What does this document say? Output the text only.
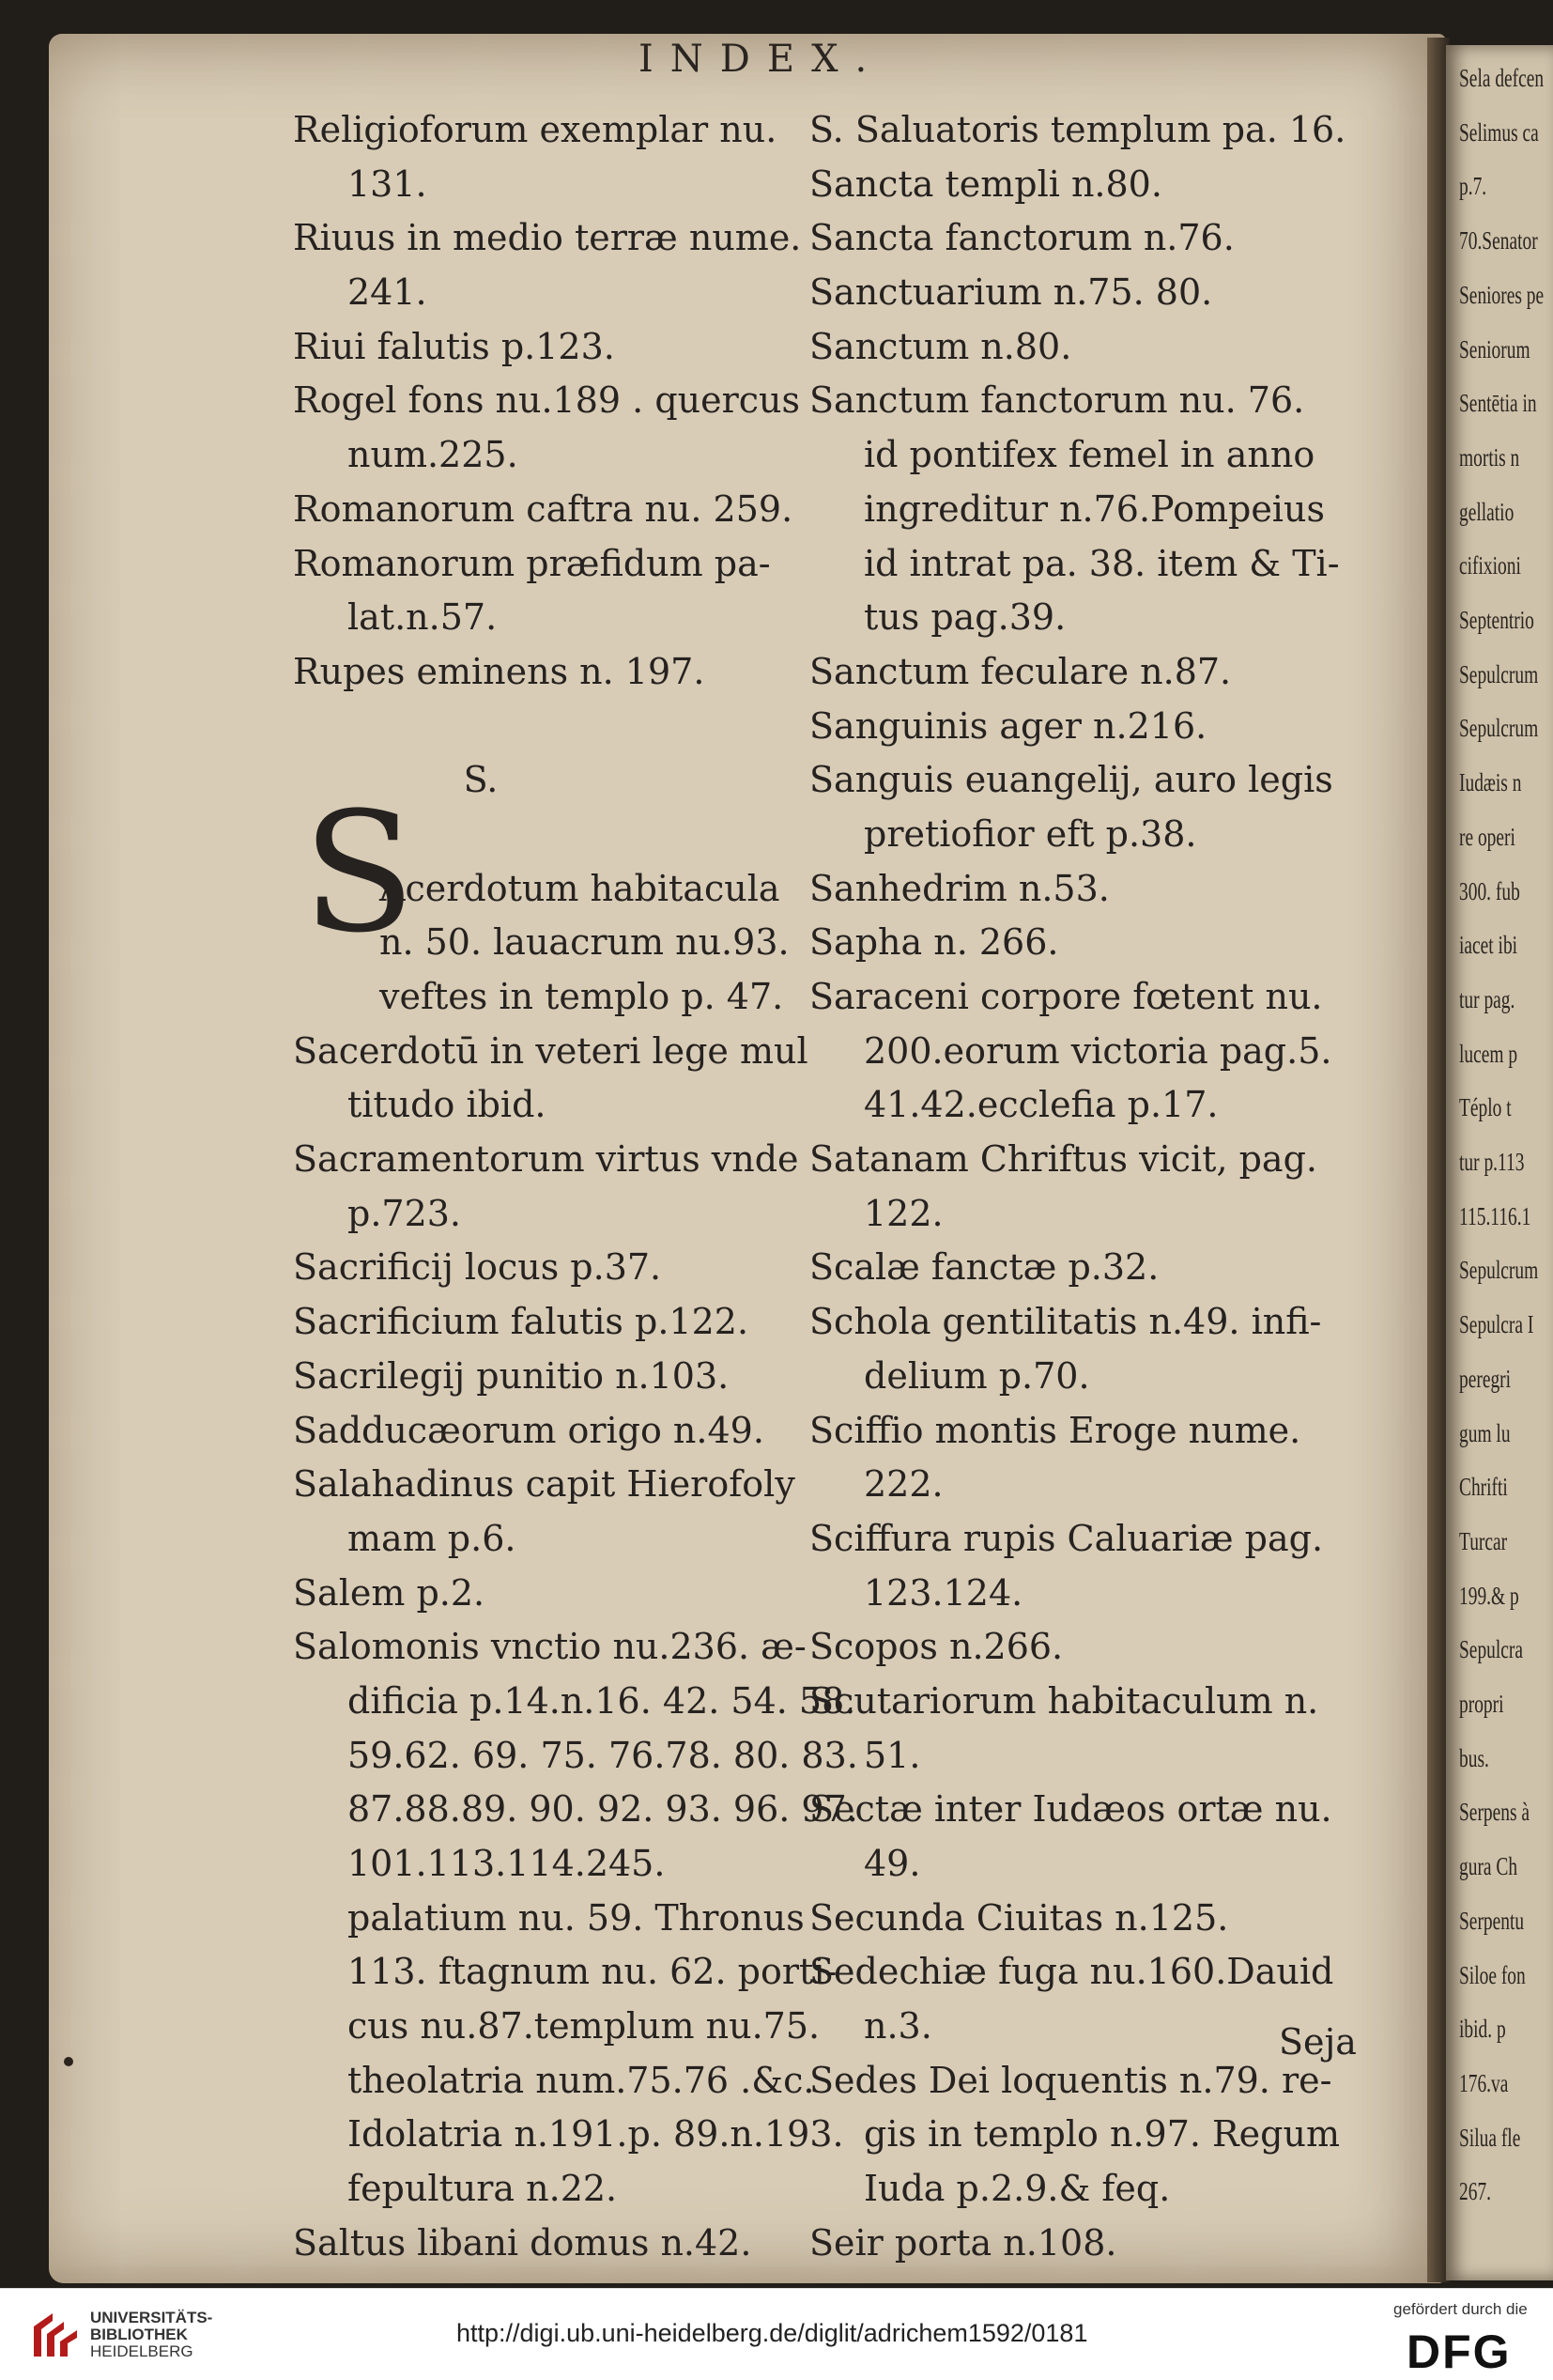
Sela defcen
Selimus ca
p.7.
70.Senator
Seniores pe
Seniorum
Sentētia in
mortis n
gellatio
cifixioni
Septentrio
Sepulcrum
Sepulcrum
Iudæis n
re operi
300. fub
iacet ibi
tur pag.
lucem p
Téplo t
tur p.113
115.116.1
Sepulcrum
Sepulcra I
peregri
gum lu
Chrifti
Turcar
199.& p
Sepulcra
propri
bus.
Serpens à
gura Ch
Serpentu
Siloe fon
ibid. p
176.va
Silua fle
267.
INDEX.
Religioforum exemplar nu.
131.
Riuus in medio terræ nume.
241.
Riui falutis p.123.
Rogel fons nu.189 . quercus
num.225.
Romanorum caftra nu. 259.
Romanorum præfidum pa-
lat.n.57.
Rupes eminens n. 197.
S.
Acerdotum habitacula
n. 50. lauacrum nu.93.
veftes in templo p. 47.
Sacerdotū in veteri lege mul
titudo ibid.
Sacramentorum virtus vnde
p.723.
Sacrificij locus p.37.
Sacrificium falutis p.122.
Sacrilegij punitio n.103.
Sadducæorum origo n.49.
Salahadinus capit Hierofoly
mam p.6.
Salem p.2.
Salomonis vnctio nu.236. æ-
dificia p.14.n.16. 42. 54. 58.
59.62. 69. 75. 76.78. 80. 83.
87.88.89. 90. 92. 93. 96. 97.
101.113.114.245.
palatium nu. 59. Thronus
113. ftagnum nu. 62. porti-
cus nu.87.templum nu.75.
theolatria num.75.76 .&c.
Idolatria n.191.p. 89.n.193.
fepultura n.22.
Saltus libani domus n.42.
S. Saluatoris templum pa. 16.
Sancta templi n.80.
Sancta fanctorum n.76.
Sanctuarium n.75. 80.
Sanctum n.80.
Sanctum fanctorum nu. 76.
id pontifex femel in anno
ingreditur n.76.Pompeius
id intrat pa. 38. item & Ti-
tus pag.39.
Sanctum feculare n.87.
Sanguinis ager n.216.
Sanguis euangelij, auro legis
pretiofior eft p.38.
Sanhedrim n.53.
Sapha n. 266.
Saraceni corpore fœtent nu.
200.eorum victoria pag.5.
41.42.ecclefia p.17.
Satanam Chriftus vicit, pag.
122.
Scalæ fanctæ p.32.
Schola gentilitatis n.49. infi-
delium p.70.
Sciffio montis Eroge nume.
222.
Sciffura rupis Caluariæ pag.
123.124.
Scopos n.266.
Scutariorum habitaculum n.
51.
Sectæ inter Iudæos ortæ nu.
49.
Secunda Ciuitas n.125.
Sedechiæ fuga nu.160.Dauid
n.3.
Sedes Dei loquentis n.79. re-
gis in templo n.97. Regum
Iuda p.2.9.& feq.
Seir porta n.108.
S
Seja
UNIVERSITÄTS-
BIBLIOTHEK
HEIDELBERG
http://digi.ub.uni-heidelberg.de/diglit/adrichem1592/0181
gefördert durch die
DFG
